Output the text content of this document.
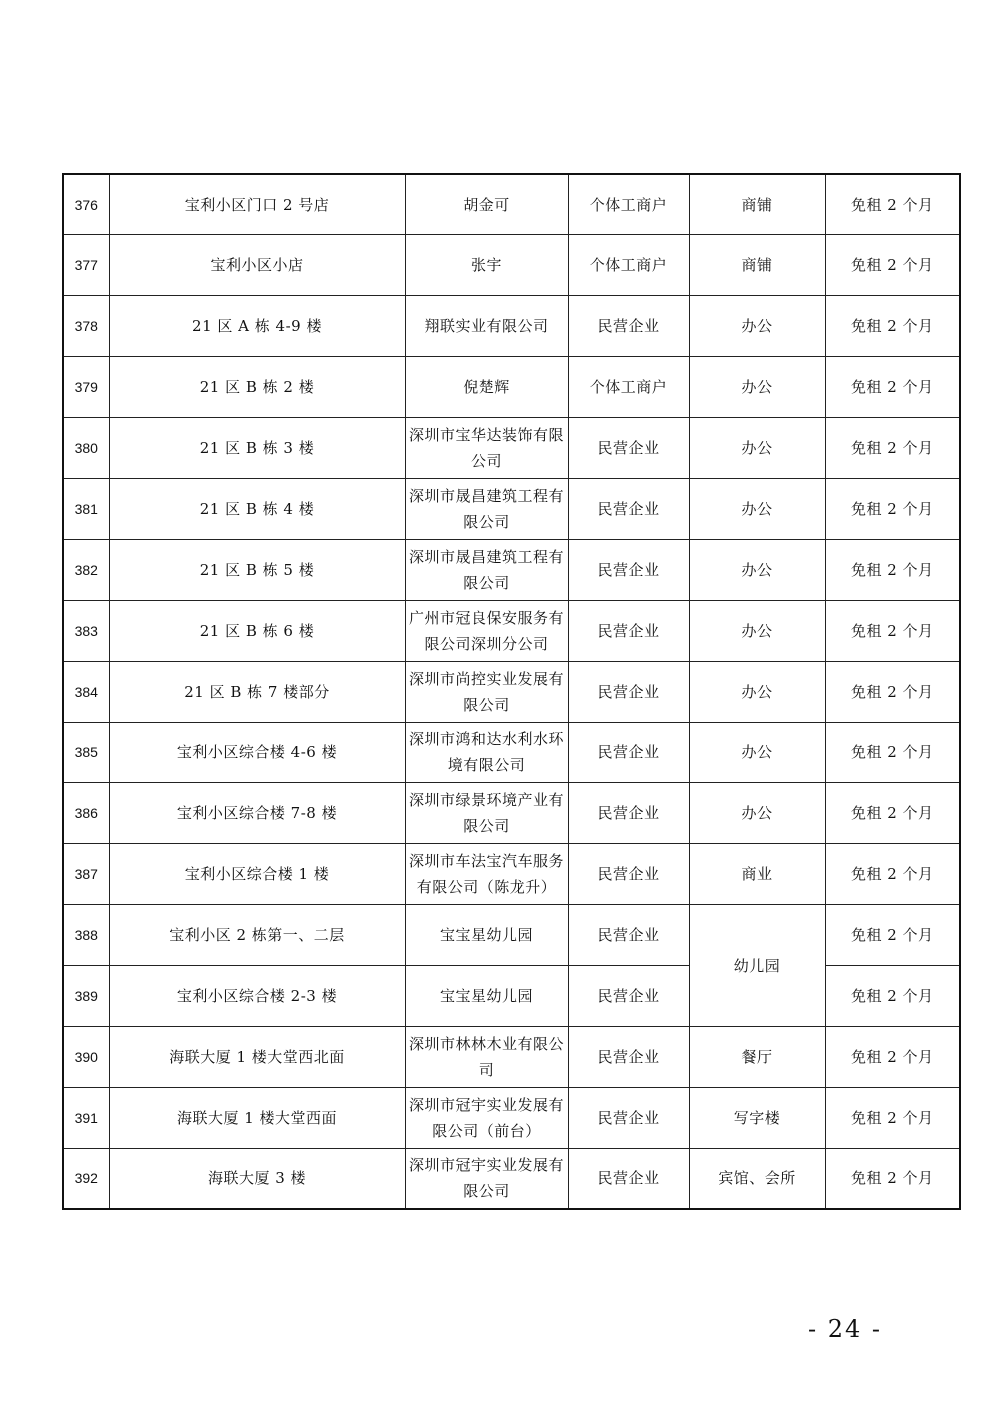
376	宝利小区门口 2 号店	胡金可	个体工商户	商铺	免租 2 个月
377	宝利小区小店	张宇	个体工商户	商铺	免租 2 个月
378	21 区 A 栋 4-9 楼	翔联实业有限公司	民营企业	办公	免租 2 个月
379	21 区 B 栋 2 楼	倪楚辉	个体工商户	办公	免租 2 个月
380	21 区 B 栋 3 楼	深圳市宝华达装饰有限公司	民营企业	办公	免租 2 个月
381	21 区 B 栋 4 楼	深圳市晟昌建筑工程有限公司	民营企业	办公	免租 2 个月
382	21 区 B 栋 5 楼	深圳市晟昌建筑工程有限公司	民营企业	办公	免租 2 个月
383	21 区 B 栋 6 楼	广州市冠良保安服务有限公司深圳分公司	民营企业	办公	免租 2 个月
384	21 区 B 栋 7 楼部分	深圳市尚控实业发展有限公司	民营企业	办公	免租 2 个月
385	宝利小区综合楼 4-6 楼	深圳市鸿和达水利水环境有限公司	民营企业	办公	免租 2 个月
386	宝利小区综合楼 7-8 楼	深圳市绿景环境产业有限公司	民营企业	办公	免租 2 个月
387	宝利小区综合楼 1 楼	深圳市车法宝汽车服务有限公司（陈龙升）	民营企业	商业	免租 2 个月
388	宝利小区 2 栋第一、二层	宝宝星幼儿园	民营企业	幼儿园	免租 2 个月
389	宝利小区综合楼 2-3 楼	宝宝星幼儿园	民营企业		免租 2 个月
390	海联大厦 1 楼大堂西北面	深圳市林林木业有限公司	民营企业	餐厅	免租 2 个月
391	海联大厦 1 楼大堂西面	深圳市冠宇实业发展有限公司（前台）	民营企业	写字楼	免租 2 个月
392	海联大厦 3 楼	深圳市冠宇实业发展有限公司	民营企业	宾馆、会所	免租 2 个月
- 24 -
